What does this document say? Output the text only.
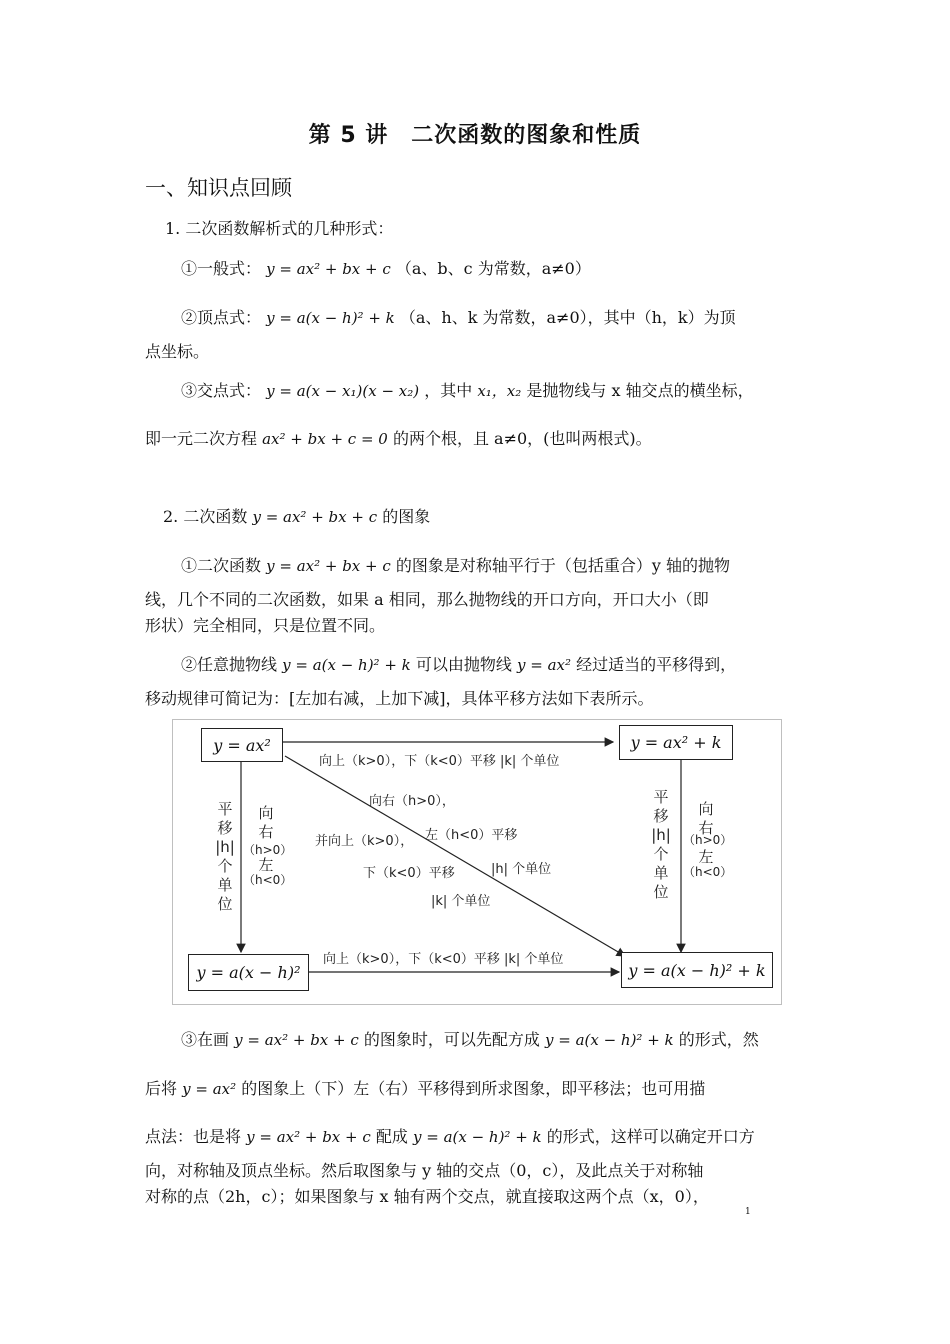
第 5 讲　二次函数的图象和性质
一、知识点回顾
1. 二次函数解析式的几种形式：
①一般式： y = ax² + bx + c （a、b、c 为常数，a≠0）
②顶点式： y = a(x − h)² + k （a、h、k 为常数，a≠0），其中（h，k）为顶
点坐标。
③交点式： y = a(x − x₁)(x − x₂) ，其中 x₁，x₂ 是抛物线与 x 轴交点的横坐标，
即一元二次方程 ax² + bx + c = 0 的两个根，且 a≠0，(也叫两根式)。
2. 二次函数 y = ax² + bx + c 的图象
①二次函数 y = ax² + bx + c 的图象是对称轴平行于（包括重合）y 轴的抛物
线，几个不同的二次函数，如果 a 相同，那么抛物线的开口方向，开口大小（即
形状）完全相同，只是位置不同。
②任意抛物线 y = a(x − h)² + k 可以由抛物线 y = ax² 经过适当的平移得到，
移动规律可简记为：[左加右减，上加下减]，具体平移方法如下表所示。
y = ax²	y = ax² + k
y = a(x − h)²	y = a(x − h)² + k
向上（k>0），下（k<0）平移 |k| 个单位
向上（k>0），下（k<0）平移 |k| 个单位
向右（h>0），
并向上（k>0）， 左（h<0）平移
下（k<0）平移	|h| 个单位
|k| 个单位
平
移
|h|
个
单
位
向
右
（h>0）
左
（h<0）
平
移
|h|
个
单
位
向
右
（h>0）
左
（h<0）
③在画 y = ax² + bx + c 的图象时，可以先配方成 y = a(x − h)² + k 的形式，然
后将 y = ax² 的图象上（下）左（右）平移得到所求图象，即平移法；也可用描
点法：也是将 y = ax² + bx + c 配成 y = a(x − h)² + k 的形式，这样可以确定开口方
向，对称轴及顶点坐标。然后取图象与 y 轴的交点（0，c），及此点关于对称轴
对称的点（2h，c）；如果图象与 x 轴有两个交点，就直接取这两个点（x，0），
1
